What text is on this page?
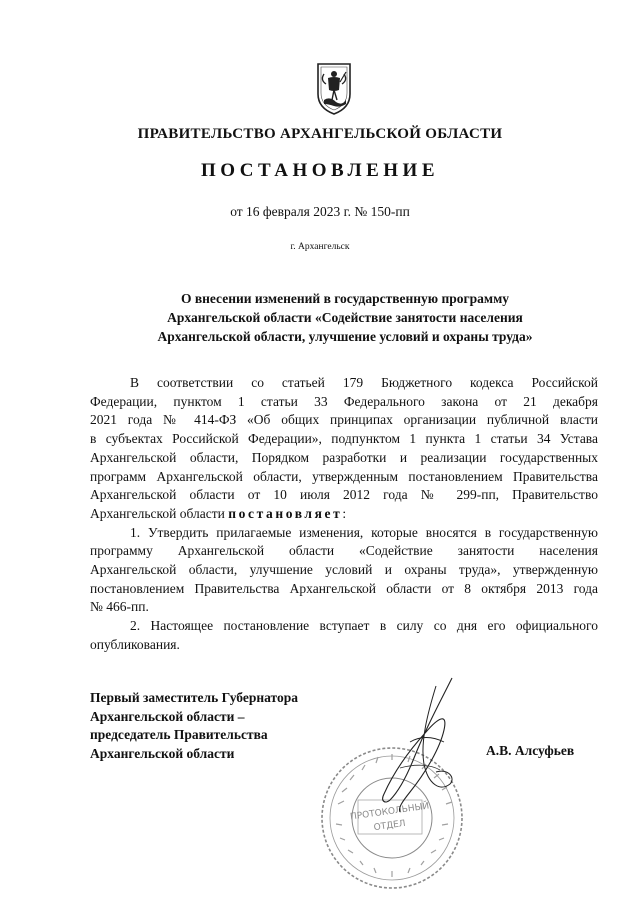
ПРАВИТЕЛЬСТВО АРХАНГЕЛЬСКОЙ ОБЛАСТИ
ПОСТАНОВЛЕНИЕ
от 16 февраля 2023 г. № 150-пп
г. Архангельск
О внесении изменений в государственную программу
Архангельской области «Содействие занятости населения
Архангельской области, улучшение условий и охраны труда»
В соответствии со статьей 179 Бюджетного кодекса Российской
Федерации, пунктом 1 статьи 33 Федерального закона от 21 декабря
2021 года № 414-ФЗ «Об общих принципах организации публичной власти
в субъектах Российской Федерации», подпунктом 1 пункта 1 статьи 34 Устава
Архангельской области, Порядком разработки и реализации государственных
программ Архангельской области, утвержденным постановлением Правительства
Архангельской области от 10 июля 2012 года № 299-пп, Правительство
Архангельской области постановляет:
1. Утвердить прилагаемые изменения, которые вносятся в государственную
программу Архангельской области «Содействие занятости населения
Архангельской области, улучшение условий и охраны труда», утвержденную
постановлением Правительства Архангельской области от 8 октября 2013 года
№ 466-пп.
2. Настоящее постановление вступает в силу со дня его официального
опубликования.
ПРОТОКОЛЬНЫЙ
ОТДЕЛ
Первый заместитель Губернатора
Архангельской области –
председатель Правительства
Архангельской области	А.В. Алсуфьев
